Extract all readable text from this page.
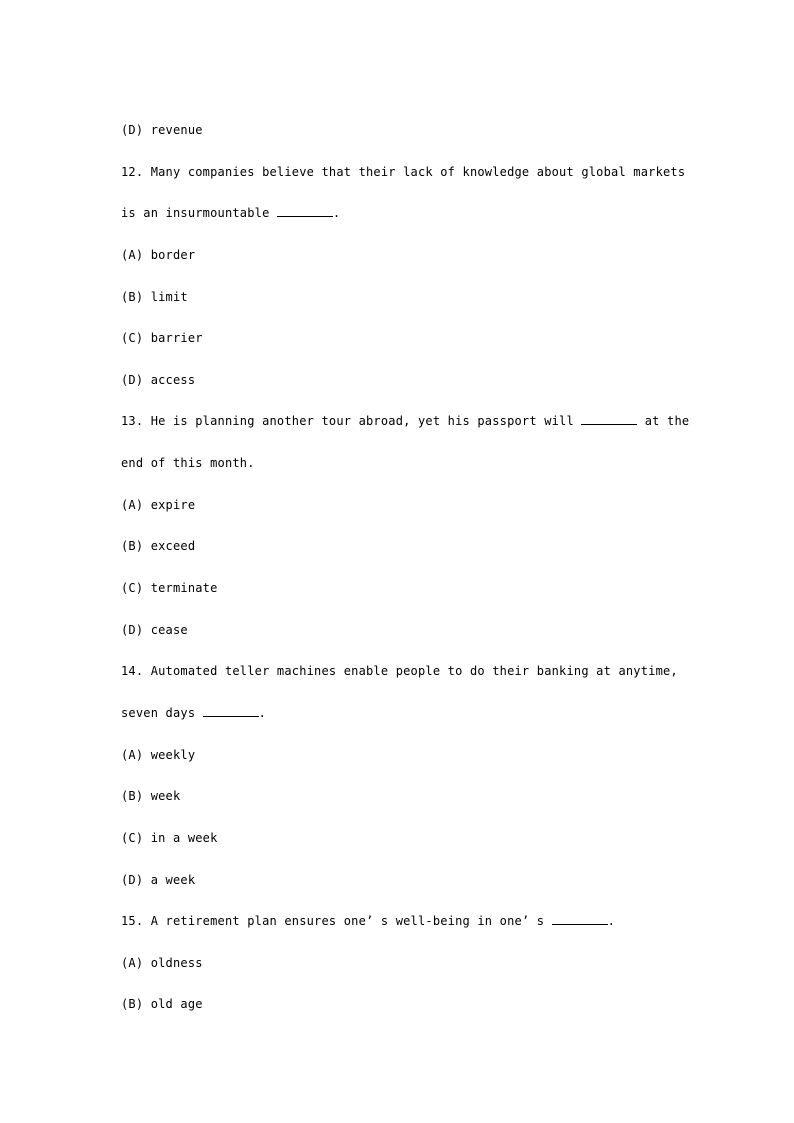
(D) revenue
12. Many companies believe that their lack of knowledge about global markets
is an insurmountable	.
(A) border
(B) limit
(C) barrier
(D) access
13. He is planning another tour abroad, yet his passport will	at the
end of this month.
(A) expire
(B) exceed
(C) terminate
(D) cease
14. Automated teller machines enable people to do their banking at anytime,
seven days	.
(A) weekly
(B) week
(C) in a week
(D) a week
15. A retirement plan ensures one’ s well-being in one’ s	.
(A) oldness
(B) old age
